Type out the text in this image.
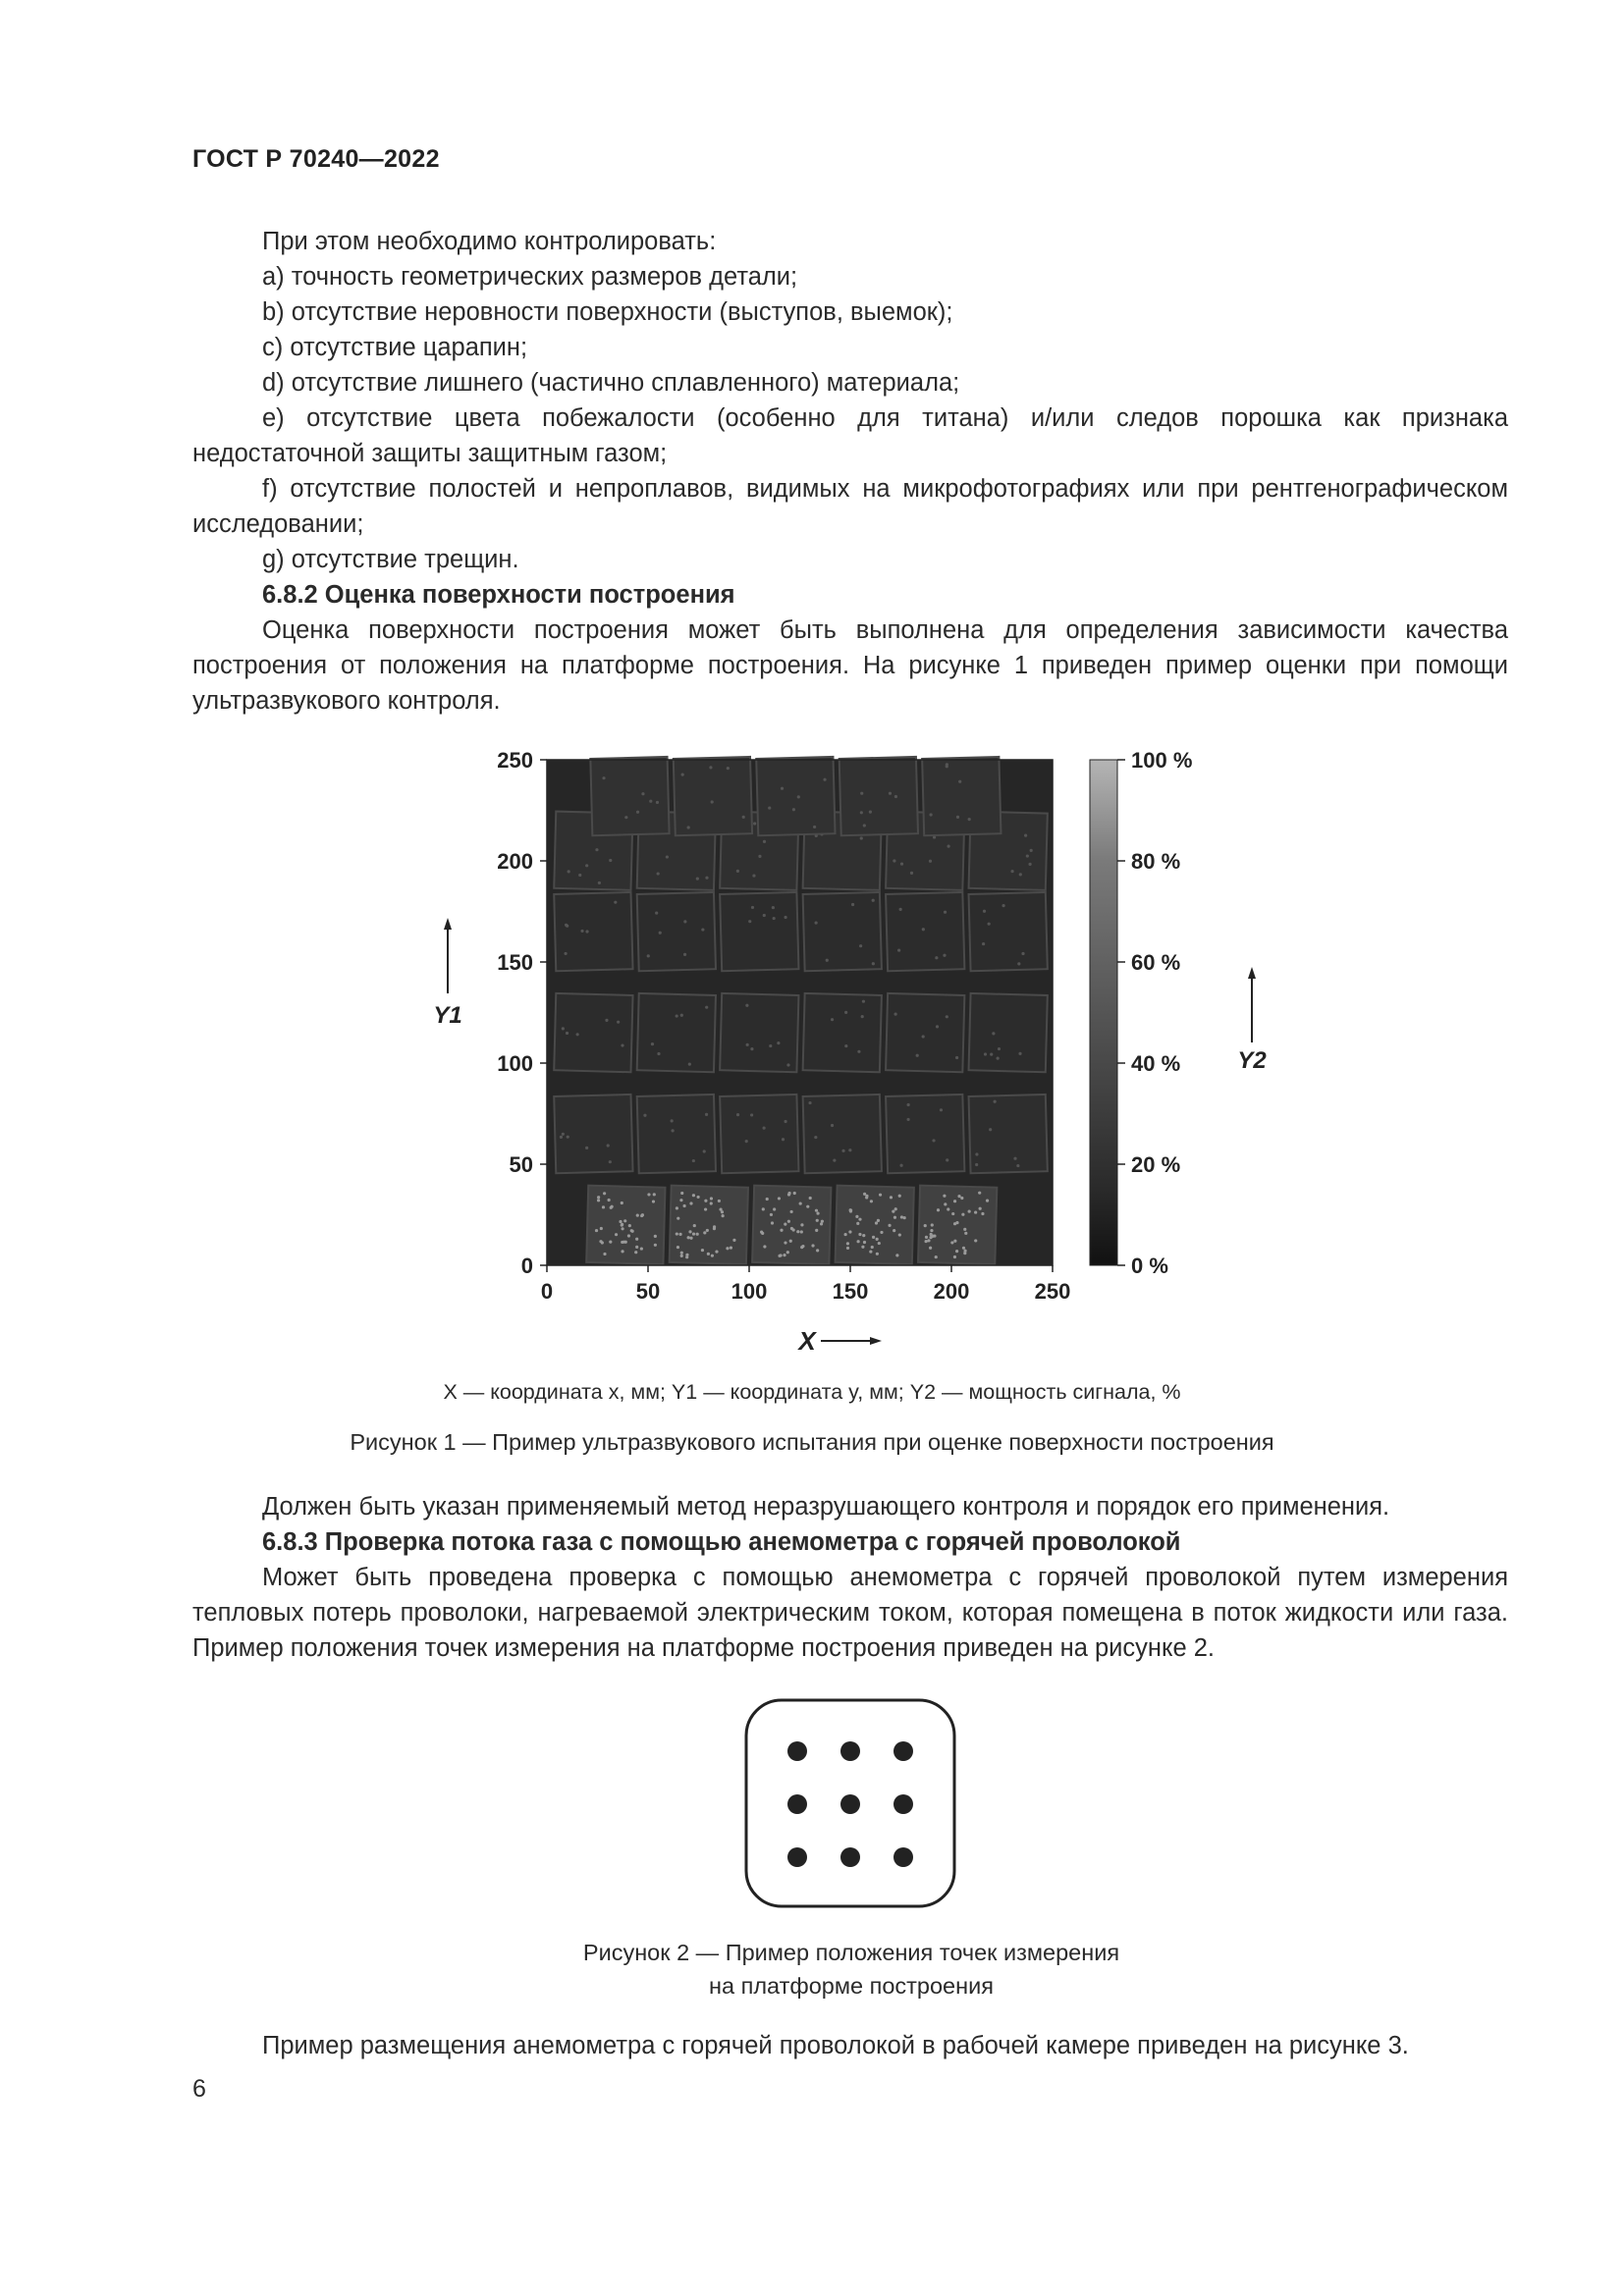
ГОСТ Р 70240—2022

При этом необходимо контролировать:

a) точность геометрических размеров детали;

b) отсутствие неровности поверхности (выступов, выемок);

c) отсутствие царапин;

d) отсутствие лишнего (частично сплавленного) материала;

e) отсутствие цвета побежалости (особенно для титана) и/или следов порошка как признака недостаточной защиты защитным газом;

f) отсутствие полостей и непроплавов, видимых на микрофотографиях или при рентгенографическом исследовании;

g) отсутствие трещин.

6.8.2 Оценка поверхности построения

Оценка поверхности построения может быть выполнена для определения зависимости качества построения от положения на платформе построения. На рисунке 1 приведен пример оценки при помощи ультразвукового контроля.

0	50	100	150	200	250
0
50
100
150
200
250
0 %
20 %
40 %
60 %
80 %
100 %
Y1
Y2
X
X — координата x, мм; Y1 — координата y, мм; Y2 — мощность сигнала, %
Рисунок 1 — Пример ультразвукового испытания при оценке поверхности построения

Должен быть указан применяемый метод неразрушающего контроля и порядок его применения.

6.8.3 Проверка потока газа с помощью анемометра с горячей проволокой

Может быть проведена проверка с помощью анемометра с горячей проволокой путем измерения тепловых потерь проволоки, нагреваемой электрическим током, которая помещена в поток жидкости или газа. Пример положения точек измерения на платформе построения приведен на рисунке 2.

Рисунок 2 — Пример положения точек измерения
на платформе построения

Пример размещения анемометра с горячей проволокой в рабочей камере приведен на рисунке 3.

6
